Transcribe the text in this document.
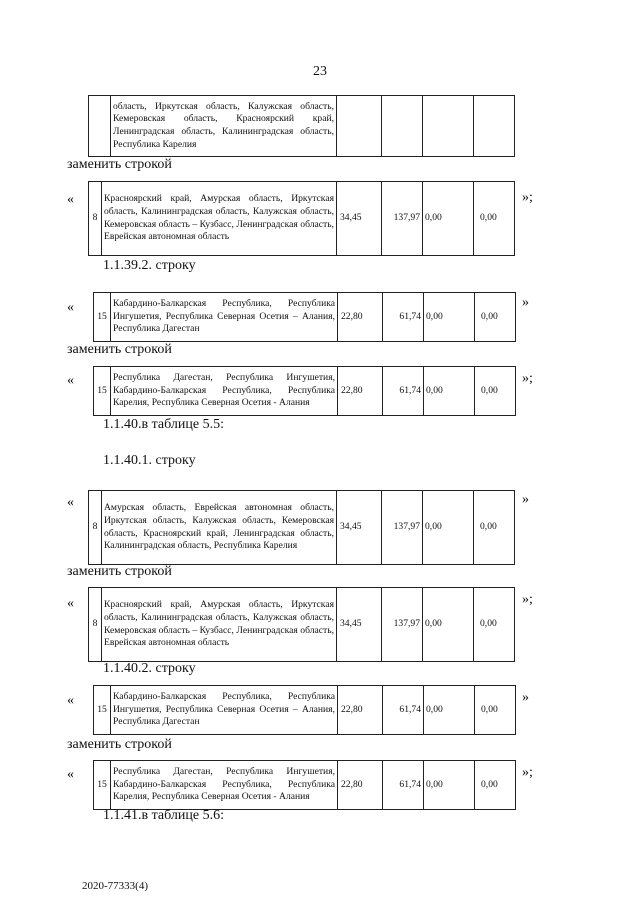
23
	область, Иркутская область, Калужская область, Кемеровская область, Красноярский край, Ленинградская область, Калининградская область, Республика Карелия				
заменить строкой
«
8	Красноярский край, Амурская область, Иркутская область, Калининградская область, Калужская область, Кемеровская область – Кузбасс, Ленинградская область, Еврейская автономная область	34,45	137,97	0,00	0,00
»;
1.1.39.2. строку
«
15	Кабардино-Балкарская Республика, Республика Ингушетия, Республика Северная Осетия – Алания, Республика Дагестан	22,80	61,74	0,00	0,00
»
заменить строкой
«
15	Республика Дагестан, Республика Ингушетия, Кабардино-Балкарская Республика, Республика Карелия, Республика Северная Осетия - Алания	22,80	61,74	0,00	0,00
»;
1.1.40.в таблице 5.5:
1.1.40.1. строку
«
8	Амурская область, Еврейская автономная область, Иркутская область, Калужская область, Кемеровская область, Красноярский край, Ленинградская область, Калининградская область, Республика Карелия	34,45	137,97	0,00	0,00
»
заменить строкой
«
8	Красноярский край, Амурская область, Иркутская область, Калининградская область, Калужская область, Кемеровская область – Кузбасс, Ленинградская область, Еврейская автономная область	34,45	137,97	0,00	0,00
»;
1.1.40.2. строку
«
15	Кабардино-Балкарская Республика, Республика Ингушетия, Республика Северная Осетия – Алания, Республика Дагестан	22,80	61,74	0,00	0,00
»
заменить строкой
«
15	Республика Дагестан, Республика Ингушетия, Кабардино-Балкарская Республика, Республика Карелия, Республика Северная Осетия - Алания	22,80	61,74	0,00	0,00
»;
1.1.41.в таблице 5.6:
2020-77333(4)
